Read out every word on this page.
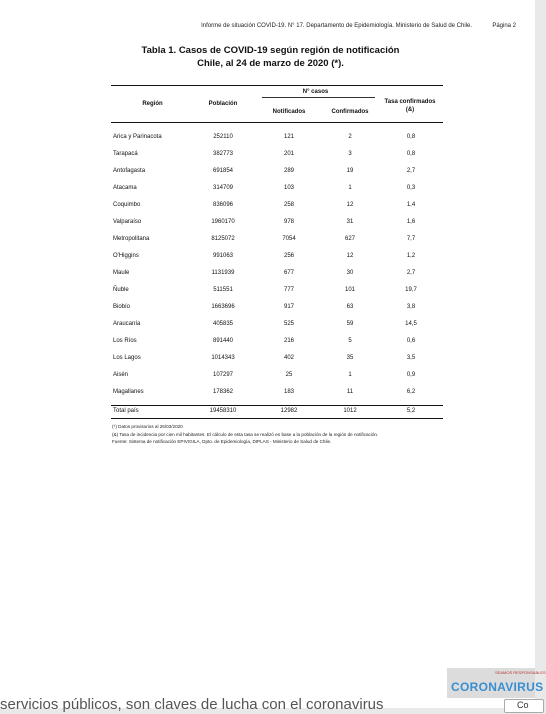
Informe de situación COVID-19. N° 17. Departamento de Epidemiología. Ministerio de Salud de Chile.	Página 2
Tabla 1. Casos de COVID-19 según región de notificación
Chile, al 24 de marzo de 2020 (*).
Región	Población
N° casos
Notificados	Confirmados
Tasa confirmados
(&)
Arica y Parinacota	252110	121	2	0,8
Tarapacá	382773	201	3	0,8
Antofagasta	691854	289	19	2,7
Atacama	314709	103	1	0,3
Coquimbo	836096	258	12	1,4
Valparaíso	1960170	978	31	1,6
Metropolitana	8125072	7054	627	7,7
O'Higgins	991063	256	12	1,2
Maule	1131939	677	30	2,7
Ñuble	511551	777	101	19,7
Biobío	1663696	917	63	3,8
Araucanía	405835	525	59	14,5
Los Ríos	891440	216	5	0,6
Los Lagos	1014343	402	35	3,5
Aisén	107297	25	1	0,9
Magallanes	178362	183	11	6,2
Total país	19458310	12982	1012	5,2
(*) Datos provisorios al 25/03/2020
(&) Tasa de incidencia por cien mil habitantes. El cálculo de esta tasa se realizó en base a la población de la región de notificación.
Fuente: Sistema de notificación EPIVIGILA, Dpto. de Epidemiología, DIPLAS - Ministerio de Salud de Chile.
servicios públicos, son claves de lucha con el coronavirus
SEAMOS RESPONSABLES
CORONAVIRUS
Co
